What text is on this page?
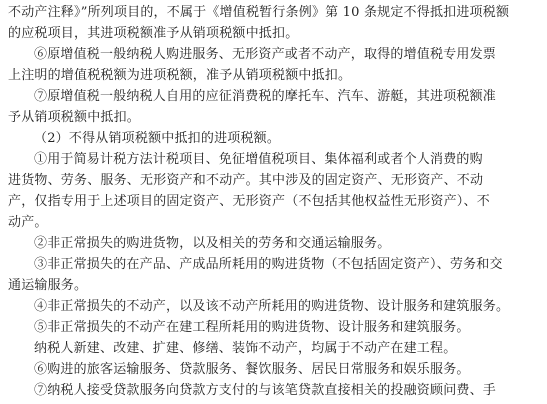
不动产注释》”所列项目的，不属于《增值税暂行条例》第 10 条规定不得抵扣进项税额
的应税项目，其进项税额准予从销项税额中抵扣。
⑥原增值税一般纳税人购进服务、无形资产或者不动产，取得的增值税专用发票
上注明的增值税税额为进项税额，准予从销项税额中抵扣。
⑦原增值税一般纳税人自用的应征消费税的摩托车、汽车、游艇，其进项税额准
予从销项税额中抵扣。
（2）不得从销项税额中抵扣的进项税额。
①用于简易计税方法计税项目、免征增值税项目、集体福利或者个人消费的购
进货物、劳务、服务、无形资产和不动产。其中涉及的固定资产、无形资产、不动
产，仅指专用于上述项目的固定资产、无形资产（不包括其他权益性无形资产）、不
动产。
②非正常损失的购进货物，以及相关的劳务和交通运输服务。
③非正常损失的在产品、产成品所耗用的购进货物（不包括固定资产）、劳务和交
通运输服务。
④非正常损失的不动产，以及该不动产所耗用的购进货物、设计服务和建筑服务。
⑤非正常损失的不动产在建工程所耗用的购进货物、设计服务和建筑服务。
纳税人新建、改建、扩建、修缮、装饰不动产，均属于不动产在建工程。
⑥购进的旅客运输服务、贷款服务、餐饮服务、居民日常服务和娱乐服务。
⑦纳税人接受贷款服务向贷款方支付的与该笔贷款直接相关的投融资顾问费、手
